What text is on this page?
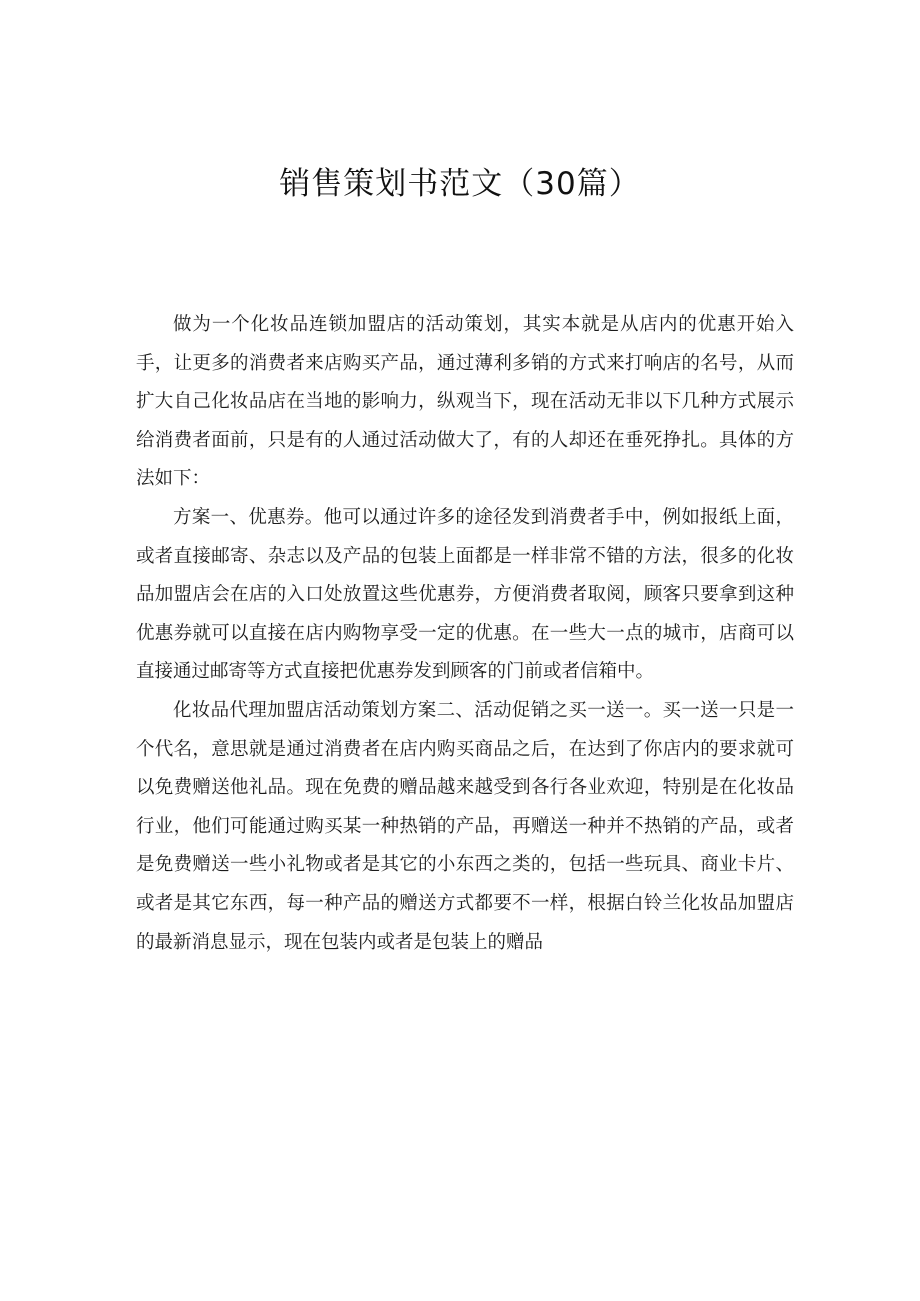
销售策划书范文（30篇）

做为一个化妆品连锁加盟店的活动策划，其实本就是从店内的优惠开始入手，让更多的消费者来店购买产品，通过薄利多销的方式来打响店的名号，从而扩大自己化妆品店在当地的影响力，纵观当下，现在活动无非以下几种方式展示给消费者面前，只是有的人通过活动做大了，有的人却还在垂死挣扎。具体的方法如下：

方案一、优惠券。他可以通过许多的途径发到消费者手中，例如报纸上面，或者直接邮寄、杂志以及产品的包装上面都是一样非常不错的方法，很多的化妆品加盟店会在店的入口处放置这些优惠券，方便消费者取阅，顾客只要拿到这种优惠券就可以直接在店内购物享受一定的优惠。在一些大一点的城市，店商可以直接通过邮寄等方式直接把优惠券发到顾客的门前或者信箱中。

化妆品代理加盟店活动策划方案二、活动促销之买一送一。买一送一只是一个代名，意思就是通过消费者在店内购买商品之后，在达到了你店内的要求就可以免费赠送他礼品。现在免费的赠品越来越受到各行各业欢迎，特别是在化妆品行业，他们可能通过购买某一种热销的产品，再赠送一种并不热销的产品，或者是免费赠送一些小礼物或者是其它的小东西之类的，包括一些玩具、商业卡片、或者是其它东西，每一种产品的赠送方式都要不一样，根据白铃兰化妆品加盟店的最新消息显示，现在包装内或者是包装上的赠品
